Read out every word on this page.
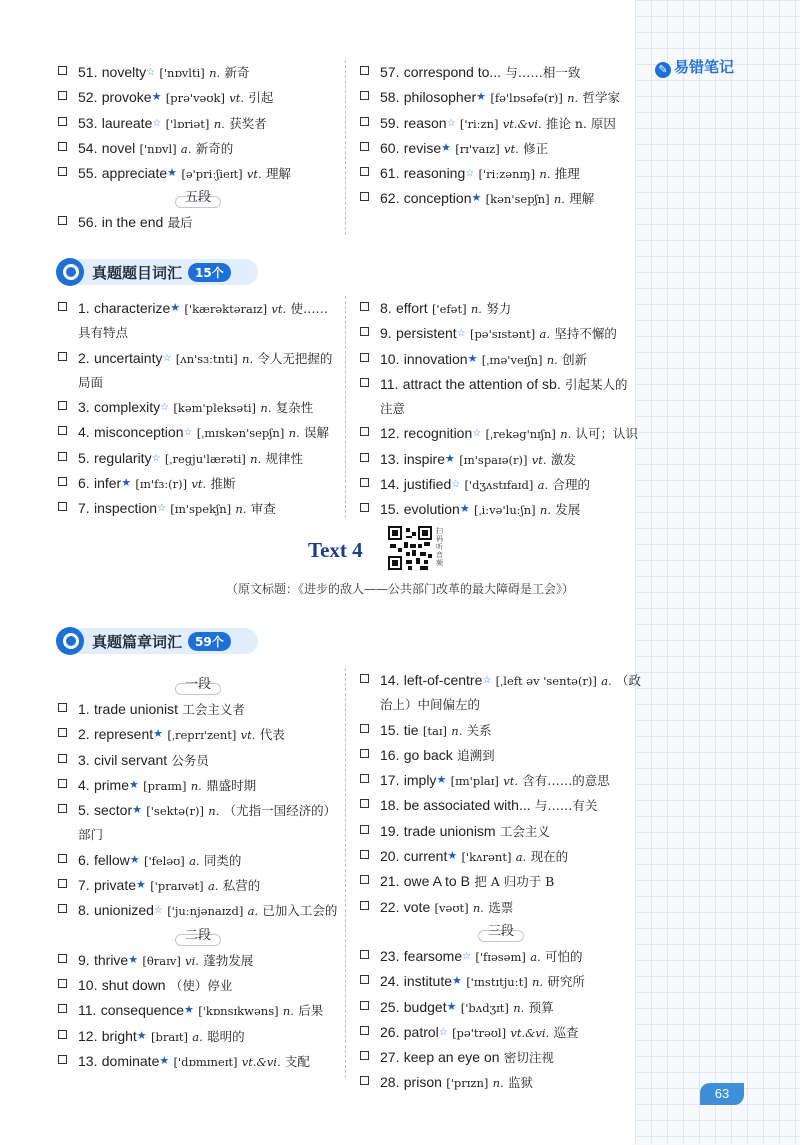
✎ 易错笔记
51. novelty☆ ['nɒvlti] n. 新奇
52. provoke★ [prə'vəʊk] vt. 引起
53. laureate☆ ['lɒriət] n. 获奖者
54. novel ['nɒvl] a. 新奇的
55. appreciate★ [ə'priːʃieɪt] vt. 理解
五段
56. in the end 最后
57. correspond to... 与……相一致
58. philosopher★ [fə'lɒsəfə(r)] n. 哲学家
59. reason☆ ['riːzn] vt.&vi. 推论 n. 原因
60. revise★ [rɪ'vaɪz] vt. 修正
61. reasoning☆ ['riːzənɪŋ] n. 推理
62. conception★ [kən'sepʃn] n. 理解
真题题目词汇 15个
1. characterize★ ['kærəktəraɪz] vt. 使……具有特点
2. uncertainty☆ [ʌn'sɜːtnti] n. 令人无把握的局面
3. complexity☆ [kəm'pleksəti] n. 复杂性
4. misconception☆ [ˌmɪskən'sepʃn] n. 误解
5. regularity☆ [ˌregju'lærəti] n. 规律性
6. infer★ [ɪn'fɜː(r)] vt. 推断
7. inspection☆ [ɪn'spekʃn] n. 审查
8. effort ['efət] n. 努力
9. persistent☆ [pə'sɪstənt] a. 坚持不懈的
10. innovation★ [ˌɪnə'veɪʃn] n. 创新
11. attract the attention of sb. 引起某人的注意
12. recognition☆ [ˌrekəg'nɪʃn] n. 认可；认识
13. inspire★ [ɪn'spaɪə(r)] vt. 激发
14. justified☆ ['dʒʌstɪfaɪd] a. 合理的
15. evolution★ [ˌiːvə'luːʃn] n. 发展
Text 4
扫码听音频
（原文标题：《进步的敌人——公共部门改革的最大障碍是工会》）
真题篇章词汇 59个
一段
1. trade unionist 工会主义者
2. represent★ [ˌreprɪ'zent] vt. 代表
3. civil servant 公务员
4. prime★ [praɪm] n. 鼎盛时期
5. sector★ ['sektə(r)] n. （尤指一国经济的）部门
6. fellow★ ['feləʊ] a. 同类的
7. private★ ['praɪvət] a. 私营的
8. unionized☆ ['juːnjənaɪzd] a. 已加入工会的
二段
9. thrive★ [θraɪv] vi. 蓬勃发展
10. shut down （使）停业
11. consequence★ ['kɒnsɪkwəns] n. 后果
12. bright★ [braɪt] a. 聪明的
13. dominate★ ['dɒmɪneɪt] vt.&vi. 支配
14. left-of-centre☆ [ˌleft əv 'sentə(r)] a. （政治上）中间偏左的
15. tie [taɪ] n. 关系
16. go back 追溯到
17. imply★ [ɪm'plaɪ] vt. 含有……的意思
18. be associated with... 与……有关
19. trade unionism 工会主义
20. current★ ['kʌrənt] a. 现在的
21. owe A to B 把 A 归功于 B
22. vote [vəʊt] n. 选票
三段
23. fearsome☆ ['fɪəsəm] a. 可怕的
24. institute★ ['ɪnstɪtjuːt] n. 研究所
25. budget★ ['bʌdʒɪt] n. 预算
26. patrol☆ [pə'trəʊl] vt.&vi. 巡查
27. keep an eye on 密切注视
28. prison ['prɪzn] n. 监狱
63
